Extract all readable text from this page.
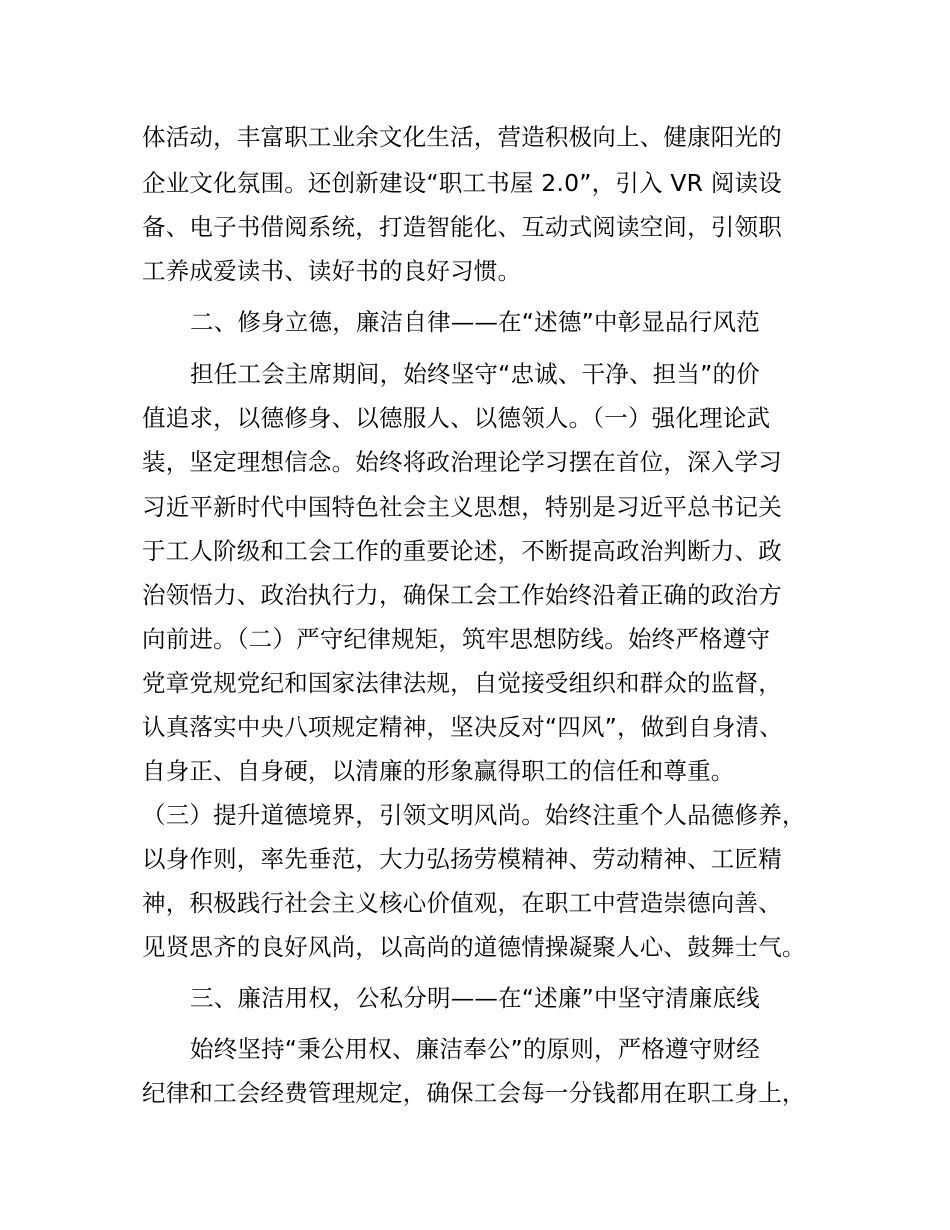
体活动，丰富职工业余文化生活，营造积极向上、健康阳光的
企业文化氛围。还创新建设“职工书屋 2.0”，引入 VR 阅读设
备、电子书借阅系统，打造智能化、互动式阅读空间，引领职
工养成爱读书、读好书的良好习惯。
二、修身立德，廉洁自律——在“述德”中彰显品行风范
担任工会主席期间，始终坚守“忠诚、干净、担当”的价
值追求，以德修身、以德服人、以德领人。（一）强化理论武
装，坚定理想信念。始终将政治理论学习摆在首位，深入学习
习近平新时代中国特色社会主义思想，特别是习近平总书记关
于工人阶级和工会工作的重要论述，不断提高政治判断力、政
治领悟力、政治执行力，确保工会工作始终沿着正确的政治方
向前进。（二）严守纪律规矩，筑牢思想防线。始终严格遵守
党章党规党纪和国家法律法规，自觉接受组织和群众的监督，
认真落实中央八项规定精神，坚决反对“四风”，做到自身清、
自身正、自身硬，以清廉的形象赢得职工的信任和尊重。
（三）提升道德境界，引领文明风尚。始终注重个人品德修养，
以身作则，率先垂范，大力弘扬劳模精神、劳动精神、工匠精
神，积极践行社会主义核心价值观，在职工中营造崇德向善、
见贤思齐的良好风尚，以高尚的道德情操凝聚人心、鼓舞士气。
三、廉洁用权，公私分明——在“述廉”中坚守清廉底线
始终坚持“秉公用权、廉洁奉公”的原则，严格遵守财经
纪律和工会经费管理规定，确保工会每一分钱都用在职工身上，
